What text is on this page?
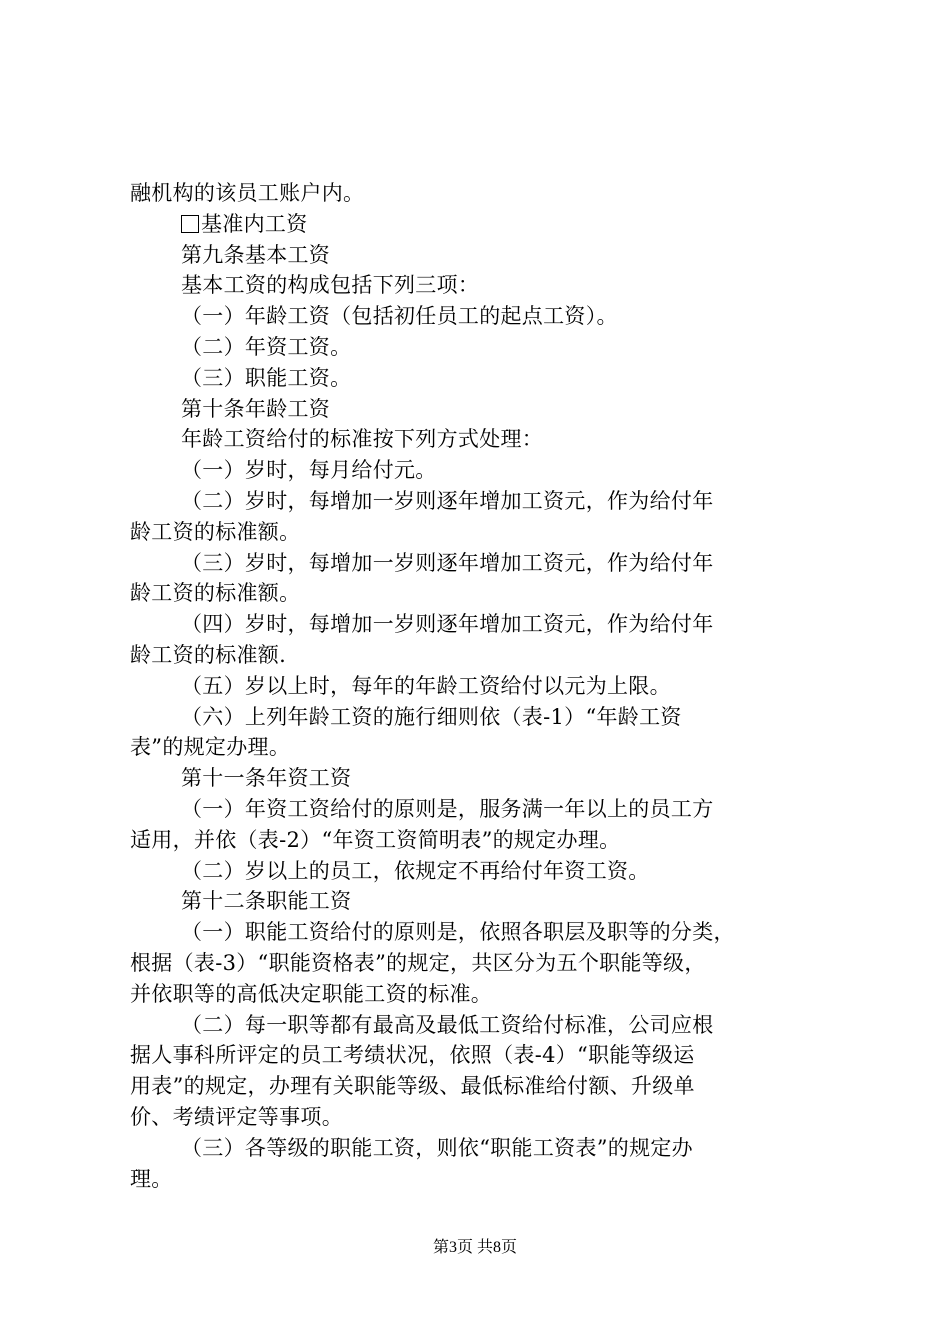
融机构的该员工账户内。
基准内工资
第九条基本工资
基本工资的构成包括下列三项：
（一）年龄工资（包括初任员工的起点工资）。
（二）年资工资。
（三）职能工资。
第十条年龄工资
年龄工资给付的标准按下列方式处理：
（一）岁时，每月给付元。
（二）岁时，每增加一岁则逐年增加工资元，作为给付年
龄工资的标准额。
（三）岁时，每增加一岁则逐年增加工资元，作为给付年
龄工资的标准额。
（四）岁时，每增加一岁则逐年增加工资元，作为给付年
龄工资的标准额.
（五）岁以上时，每年的年龄工资给付以元为上限。
（六）上列年龄工资的施行细则依（表-1）“年龄工资
表”的规定办理。
第十一条年资工资
（一）年资工资给付的原则是，服务满一年以上的员工方
适用，并依（表-2）“年资工资简明表”的规定办理。
（二）岁以上的员工，依规定不再给付年资工资。
第十二条职能工资
（一）职能工资给付的原则是，依照各职层及职等的分类，
根据（表-3）“职能资格表”的规定，共区分为五个职能等级，
并依职等的高低决定职能工资的标准。
（二）每一职等都有最高及最低工资给付标准，公司应根
据人事科所评定的员工考绩状况，依照（表-4）“职能等级运
用表”的规定，办理有关职能等级、最低标准给付额、升级单
价、考绩评定等事项。
（三）各等级的职能工资，则依“职能工资表”的规定办
理。
第3页 共8页
